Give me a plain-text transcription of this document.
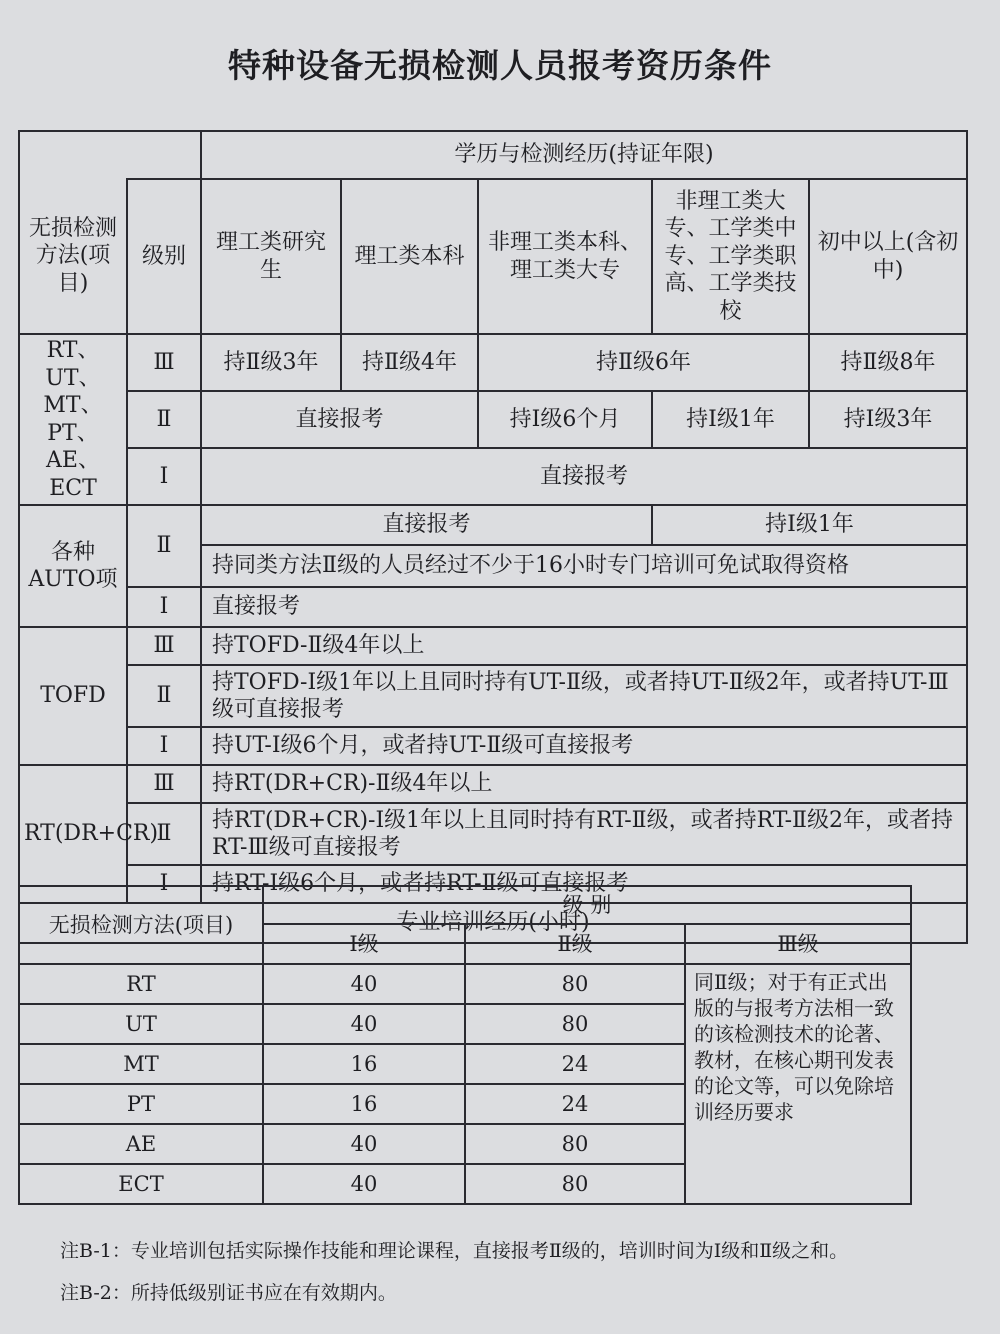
特种设备无损检测人员报考资历条件
		学历与检测经历(持证年限)				
无损检测方法(项目)	级别	理工类研究生	理工类本科	非理工类本科、理工类大专	非理工类大专、工学类中专、工学类职高、工学类技校	初中以上(含初中)
RT、UT、MT、PT、AE、ECT	Ⅲ	持Ⅱ级3年	持Ⅱ级4年	持Ⅱ级6年		持Ⅱ级8年
	Ⅱ	直接报考		持Ⅰ级6个月	持Ⅰ级1年	持Ⅰ级3年
	Ⅰ	直接报考				
各种AUTO项	Ⅱ	直接报考			持Ⅰ级1年	
		持同类方法Ⅱ级的人员经过不少于16小时专门培训可免试取得资格				
	Ⅰ	直接报考				
TOFD	Ⅲ	持TOFD-Ⅱ级4年以上				
	Ⅱ	持TOFD-Ⅰ级1年以上且同时持有UT-Ⅱ级，或者持UT-Ⅱ级2年，或者持UT-Ⅲ级可直接报考				
	Ⅰ	持UT-Ⅰ级6个月，或者持UT-Ⅱ级可直接报考				
RT(DR+CR)	Ⅲ	持RT(DR+CR)-Ⅱ级4年以上				
	Ⅱ	持RT(DR+CR)-Ⅰ级1年以上且同时持有RT-Ⅱ级，或者持RT-Ⅱ级2年，或者持RT-Ⅲ级可直接报考				
	Ⅰ	持RT-Ⅰ级6个月，或者持RT-Ⅱ级可直接报考				
专业培训经历(小时)						
无损检测方法(项目)	级 别		
	Ⅰ级	Ⅱ级	Ⅲ级
RT	40	80	同Ⅱ级；对于有正式出版的与报考方法相一致的该检测技术的论著、教材，在核心期刊发表的论文等，可以免除培训经历要求
UT	40	80	
MT	16	24	
PT	16	24	
AE	40	80	
ECT	40	80	
注B-1：专业培训包括实际操作技能和理论课程，直接报考Ⅱ级的，培训时间为Ⅰ级和Ⅱ级之和。
注B-2：所持低级别证书应在有效期内。
